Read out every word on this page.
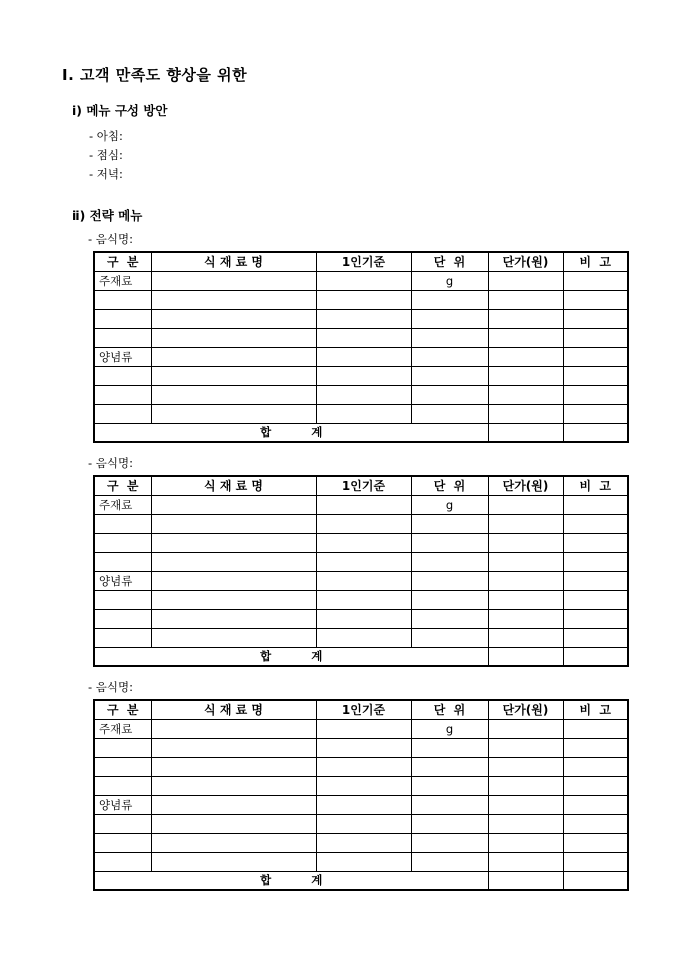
Ⅰ. 고객 만족도 향상을 위한
ⅰ) 메뉴 구성 방안
- 아침:
- 점심:
- 저녁:
ⅱ) 전략 메뉴
- 음식명:
구  분	식 재 료 명	1인기준	단  위	단가(원)	비  고
주재료			g		

양념류					

합          계					
- 음식명:
구  분	식 재 료 명	1인기준	단  위	단가(원)	비  고
주재료			g		

양념류					

합          계					
- 음식명:
구  분	식 재 료 명	1인기준	단  위	단가(원)	비  고
주재료			g		

양념류					

합          계					
